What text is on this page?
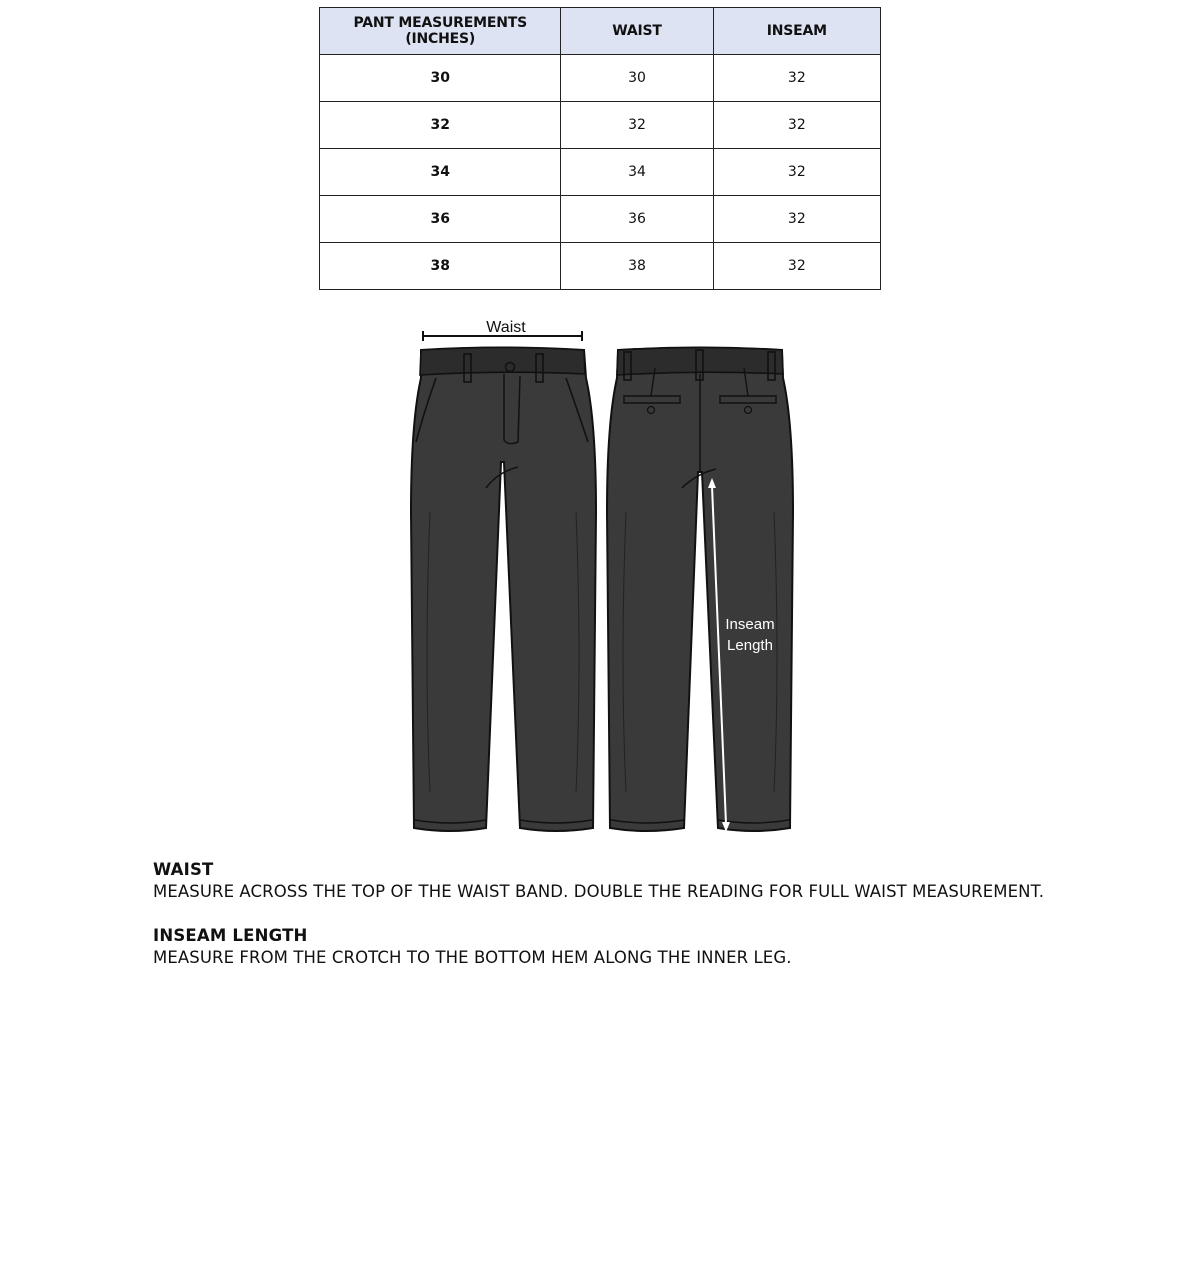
PANT MEASUREMENTS (INCHES)	WAIST	INSEAM
30	30	32
32	32	32
34	34	32
36	36	32
38	38	32
Waist
Inseam
Length
WAIST
MEASURE ACROSS THE TOP OF THE WAIST BAND. DOUBLE THE READING FOR FULL WAIST MEASUREMENT.
INSEAM LENGTH
MEASURE FROM THE CROTCH TO THE BOTTOM HEM ALONG THE INNER LEG.
